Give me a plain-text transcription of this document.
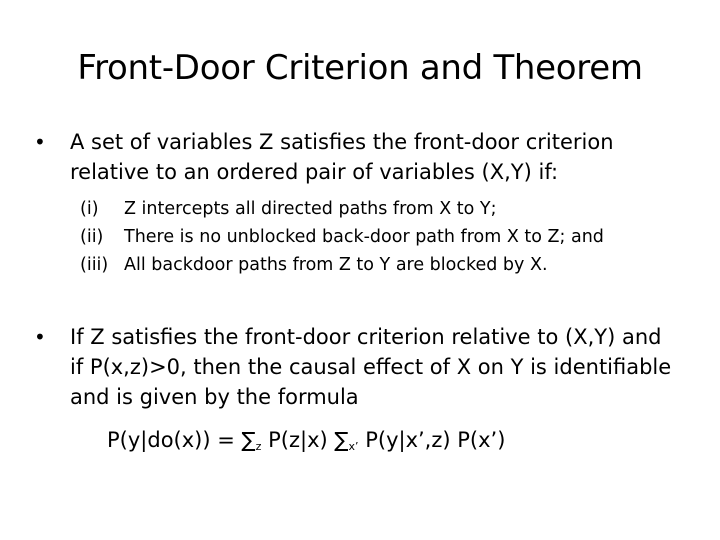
Front-Door Criterion and Theorem
•	A set of variables Z satisfies the front-door criterion relative to an ordered pair of variables (X,Y) if:
(i)	Z intercepts all directed paths from X to Y;
(ii)	There is no unblocked back-door path from X to Z; and
(iii) All backdoor paths from Z to Y are blocked by X.
•	If Z satisfies the front-door criterion relative to (X,Y) and if P(x,z)>0, then the causal effect of X on Y is identifiable and is given by the formula
$P(y|do(x)) = \sum_z$ P(z|x) $\sum_{x’}$ P(y|x’,z) P(x’)
